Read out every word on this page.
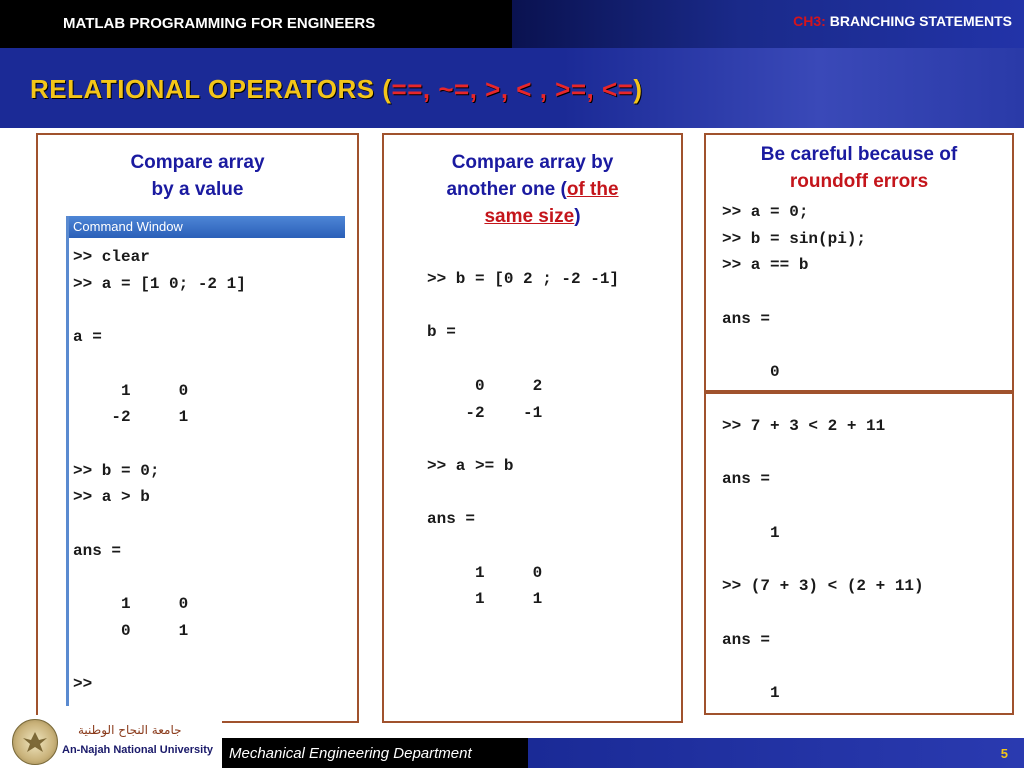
MATLAB PROGRAMMING FOR ENGINEERS	CH3: BRANCHING STATEMENTS
RELATIONAL OPERATORS (==, ~=, >, < , >=, <=)
Compare array
by a value
Command Window
>> clear
>> a = [1 0; -2 1]

a =

1     0
-2     1

>> b = 0;
>> a > b

ans =

1     0
0     1

>>
Compare array by
another one (of the
same size)
>> b = [0 2 ; -2 -1]

b =

0     2
-2    -1

>> a >= b

ans =

1     0
1     1
Be careful because of
roundoff errors
>> a = 0;
>> b = sin(pi);
>> a == b

ans =

0
>> 7 + 3 < 2 + 11

ans =

1

>> (7 + 3) < (2 + 11)

ans =

1
جامعة النجاح الوطنية
An-Najah National University Mechanical Engineering Department	5
